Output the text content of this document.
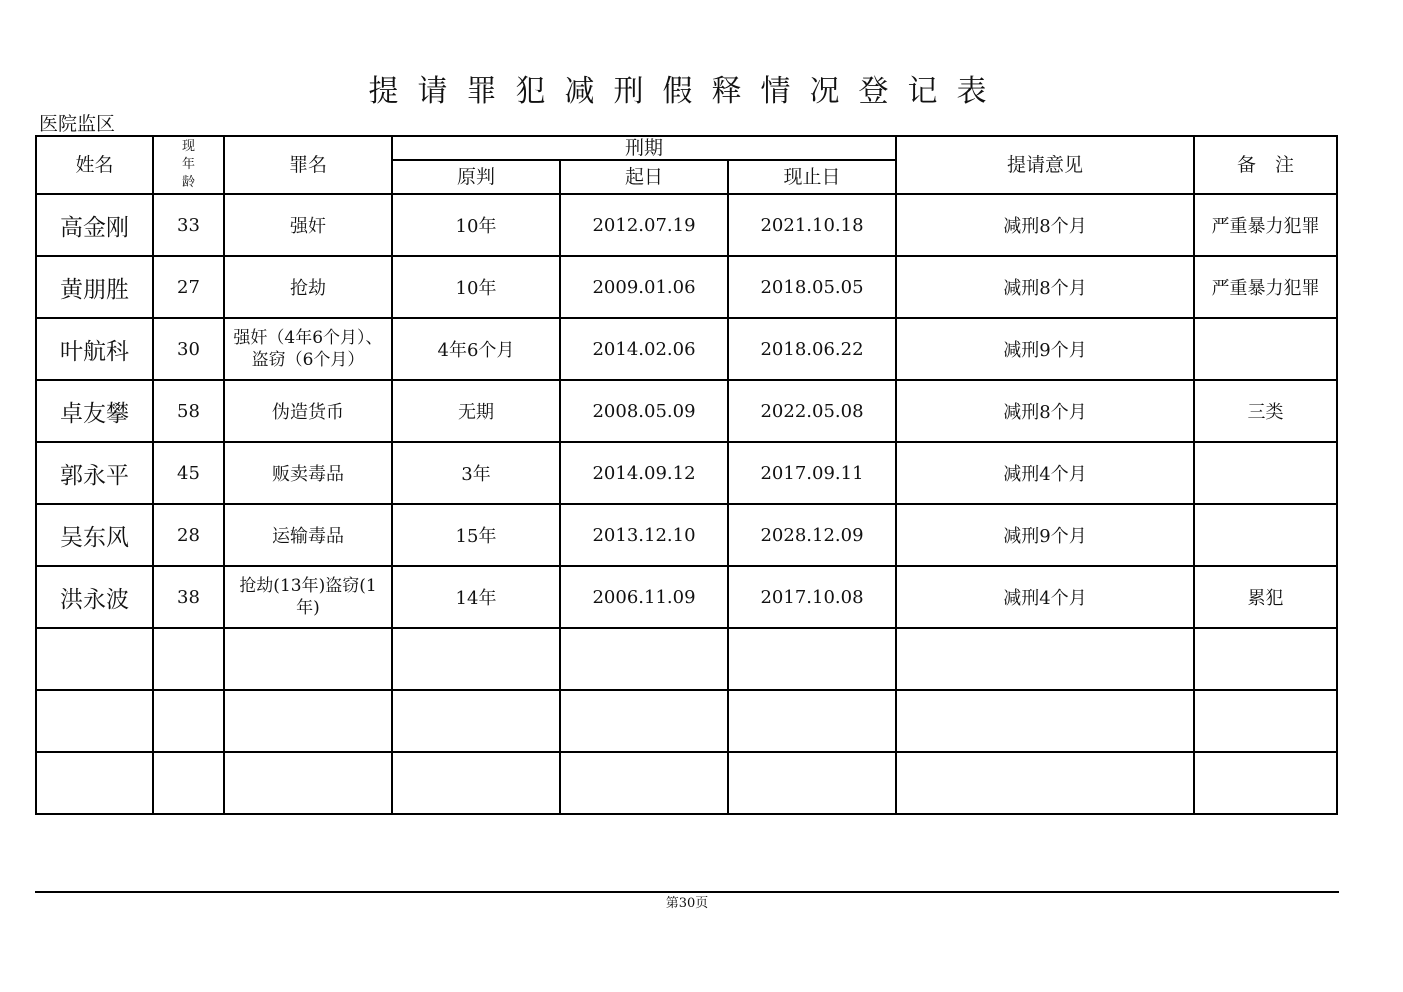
提请罪犯减刑假释情况登记表
医院监区
姓名	现年龄	罪名	刑期			提请意见	备　注	
			原判	起日	现止日			
高金刚	33	强奸	10年	2012.07.19	2021.10.18	减刑8个月	严重暴力犯罪	
黄朋胜	27	抢劫	10年	2009.01.06	2018.05.05	减刑8个月	严重暴力犯罪	
叶航科	30	强奸（4年6个月）、盗窃（6个月）	4年6个月	2014.02.06	2018.06.22	减刑9个月		
卓友攀	58	伪造货币	无期	2008.05.09	2022.05.08	减刑8个月	三类	
郭永平	45	贩卖毒品	3年	2014.09.12	2017.09.11	减刑4个月		
吴东风	28	运输毒品	15年	2013.12.10	2028.12.09	减刑9个月		
洪永波	38	抢劫(13年)盗窃(1年)	14年	2006.11.09	2017.10.08	减刑4个月	累犯	

第30页
